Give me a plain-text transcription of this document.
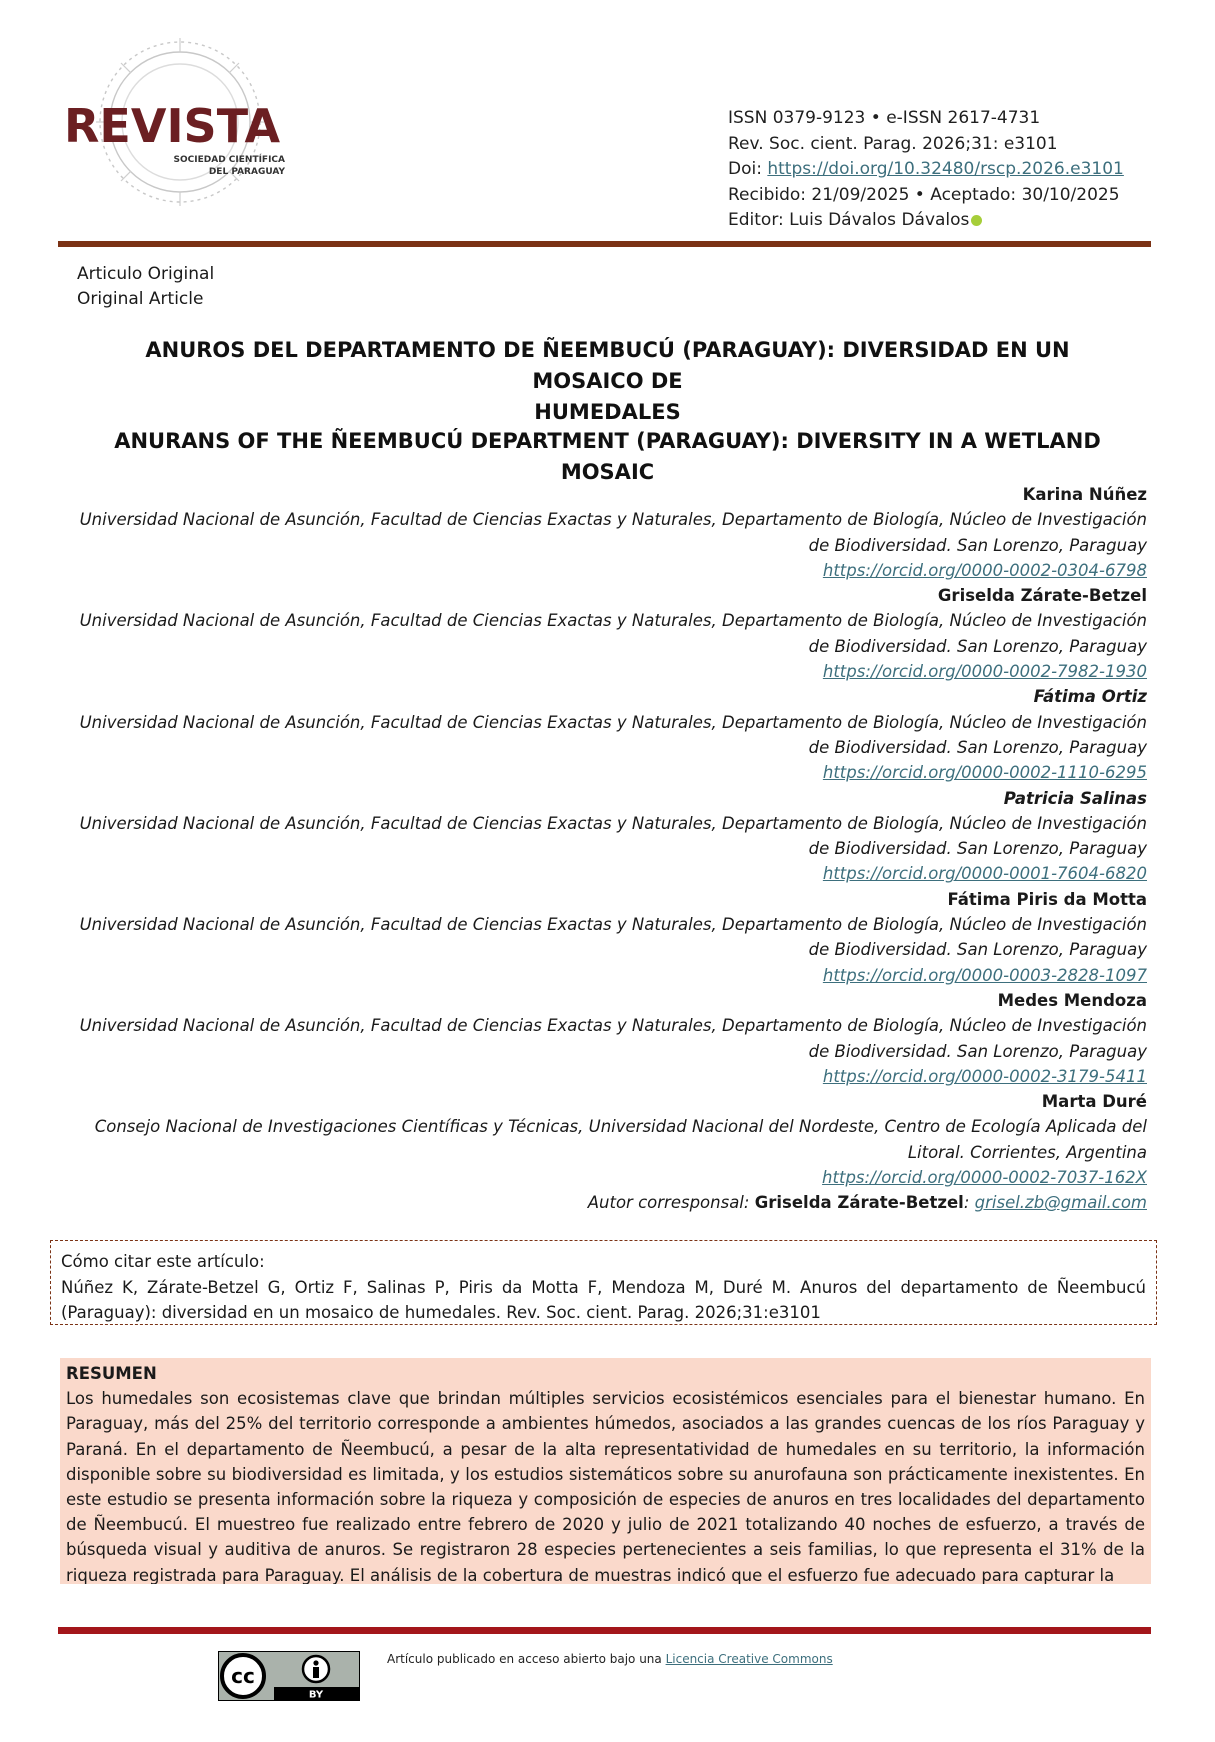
REVISTA
SOCIEDAD CIENTÍFICA
DEL PARAGUAY
ISSN 0379-9123 • e-ISSN 2617-4731
Rev. Soc. cient. Parag. 2026;31: e3101
Doi: https://doi.org/10.32480/rscp.2026.e3101
Recibido: 21/09/2025 • Aceptado: 30/10/2025
Editor: Luis Dávalos Dávalos
Articulo Original
Original Article
ANUROS DEL DEPARTAMENTO DE ÑEEMBUCÚ (PARAGUAY): DIVERSIDAD EN UN MOSAICO DE
HUMEDALES
ANURANS OF THE ÑEEMBUCÚ DEPARTMENT (PARAGUAY): DIVERSITY IN A WETLAND MOSAIC
Karina Núñez
Universidad Nacional de Asunción, Facultad de Ciencias Exactas y Naturales, Departamento de Biología, Núcleo de Investigación
de Biodiversidad. San Lorenzo, Paraguay
https://orcid.org/0000-0002-0304-6798
Griselda Zárate-Betzel
Universidad Nacional de Asunción, Facultad de Ciencias Exactas y Naturales, Departamento de Biología, Núcleo de Investigación
de Biodiversidad. San Lorenzo, Paraguay
https://orcid.org/0000-0002-7982-1930
Fátima Ortiz
Universidad Nacional de Asunción, Facultad de Ciencias Exactas y Naturales, Departamento de Biología, Núcleo de Investigación
de Biodiversidad. San Lorenzo, Paraguay
https://orcid.org/0000-0002-1110-6295
Patricia Salinas
Universidad Nacional de Asunción, Facultad de Ciencias Exactas y Naturales, Departamento de Biología, Núcleo de Investigación
de Biodiversidad. San Lorenzo, Paraguay
https://orcid.org/0000-0001-7604-6820
Fátima Piris da Motta
Universidad Nacional de Asunción, Facultad de Ciencias Exactas y Naturales, Departamento de Biología, Núcleo de Investigación
de Biodiversidad. San Lorenzo, Paraguay
https://orcid.org/0000-0003-2828-1097
Medes Mendoza
Universidad Nacional de Asunción, Facultad de Ciencias Exactas y Naturales, Departamento de Biología, Núcleo de Investigación
de Biodiversidad. San Lorenzo, Paraguay
https://orcid.org/0000-0002-3179-5411
Marta Duré
Consejo Nacional de Investigaciones Científicas y Técnicas, Universidad Nacional del Nordeste, Centro de Ecología Aplicada del
Litoral. Corrientes, Argentina
https://orcid.org/0000-0002-7037-162X
Autor corresponsal: Griselda Zárate-Betzel: grisel.zb@gmail.com

Cómo citar este artículo:

Núñez K, Zárate-Betzel G, Ortiz F, Salinas P, Piris da Motta F, Mendoza M, Duré M. Anuros del departamento de Ñeembucú (Paraguay): diversidad en un mosaico de humedales. Rev. Soc. cient. Parag. 2026;31:e3101

RESUMEN

Los humedales son ecosistemas clave que brindan múltiples servicios ecosistémicos esenciales para el bienestar humano. En Paraguay, más del 25% del territorio corresponde a ambientes húmedos, asociados a las grandes cuencas de los ríos Paraguay y Paraná. En el departamento de Ñeembucú, a pesar de la alta representatividad de humedales en su territorio, la información disponible sobre su biodiversidad es limitada, y los estudios sistemáticos sobre su anurofauna son prácticamente inexistentes. En este estudio se presenta información sobre la riqueza y composición de especies de anuros en tres localidades del departamento de Ñeembucú. El muestreo fue realizado entre febrero de 2020 y julio de 2021 totalizando 40 noches de esfuerzo, a través de búsqueda visual y auditiva de anuros. Se registraron 28 especies pertenecientes a seis familias, lo que representa el 31% de la riqueza registrada para Paraguay. El análisis de la cobertura de muestras indicó que el esfuerzo fue adecuado para capturar la

cc
BY
Artículo publicado en acceso abierto bajo una Licencia Creative Commons
